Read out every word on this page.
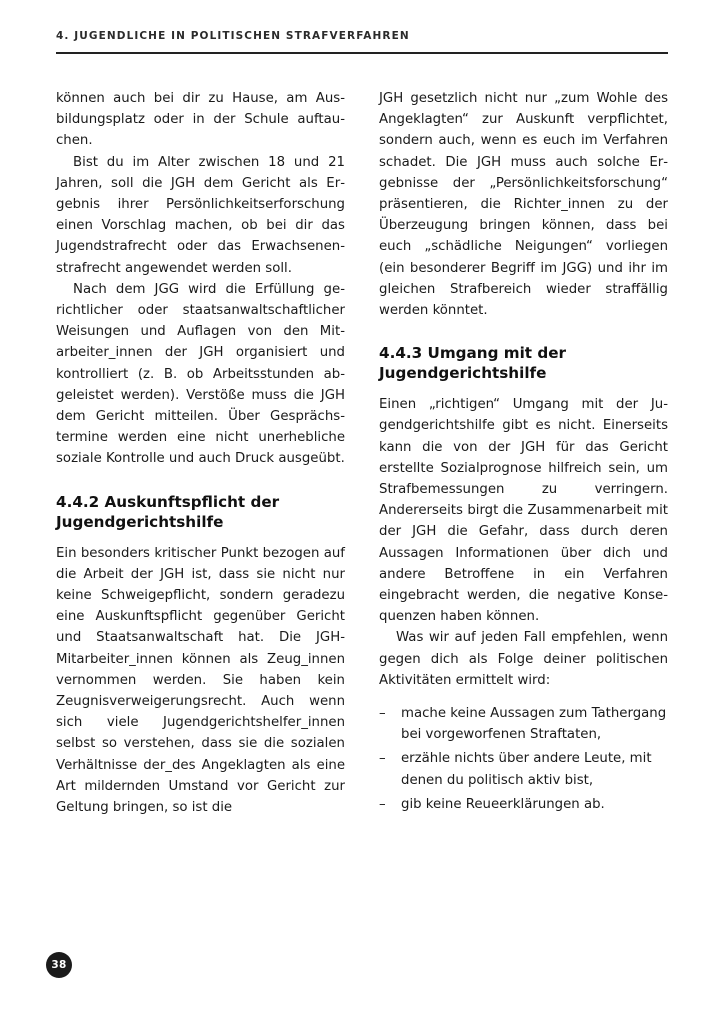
4. JUGENDLICHE IN POLITISCHEN STRAFVERFAHREN

können auch bei dir zu Hause, am Ausbildungsplatz oder in der Schule auftauchen.

Bist du im Alter zwischen 18 und 21 Jahren, soll die JGH dem Gericht als Ergebnis ihrer Persönlichkeitserforschung einen Vorschlag machen, ob bei dir das Jugendstrafrecht oder das Erwachsenenstrafrecht angewendet werden soll.

Nach dem JGG wird die Erfüllung gerichtlicher oder staatsanwaltschaftlicher Weisungen und Auflagen von den Mitarbeiter_innen der JGH organisiert und kontrolliert (z. B. ob Arbeitsstunden abgeleistet werden). Verstöße muss die JGH dem Gericht mitteilen. Über Gesprächstermine werden eine nicht unerhebliche soziale Kontrolle und auch Druck ausgeübt.

4.4.2 Auskunftspflicht der Jugendgerichtshilfe

Ein besonders kritischer Punkt bezogen auf die Arbeit der JGH ist, dass sie nicht nur keine Schweigepflicht, sondern geradezu eine Auskunftspflicht gegenüber Gericht und Staatsanwaltschaft hat. Die JGH-Mitarbeiter_innen können als Zeug_innen vernommen werden. Sie haben kein Zeugnisverweigerungsrecht. Auch wenn sich viele Jugendgerichtshelfer_innen selbst so verstehen, dass sie die sozialen Verhältnisse der_des Angeklagten als eine Art mildernden Umstand vor Gericht zur Geltung bringen, so ist die

JGH gesetzlich nicht nur „zum Wohle des Angeklagten“ zur Auskunft verpflichtet, sondern auch, wenn es euch im Verfahren schadet. Die JGH muss auch solche Ergebnisse der „Persönlichkeitsforschung“ präsentieren, die Richter_innen zu der Überzeugung bringen können, dass bei euch „schädliche Neigungen“ vorliegen (ein besonderer Begriff im JGG) und ihr im gleichen Strafbereich wieder straffällig werden könntet.

4.4.3 Umgang mit der Jugendgerichtshilfe

Einen „richtigen“ Umgang mit der Jugendgerichtshilfe gibt es nicht. Einerseits kann die von der JGH für das Gericht erstellte Sozialprognose hilfreich sein, um Strafbemessungen zu verringern. Andererseits birgt die Zusammenarbeit mit der JGH die Gefahr, dass durch deren Aussagen Informationen über dich und andere Betroffene in ein Verfahren eingebracht werden, die negative Konsequenzen haben können.

Was wir auf jeden Fall empfehlen, wenn gegen dich als Folge deiner politischen Aktivitäten ermittelt wird:

– mache keine Aussagen zum Tathergang bei vorgeworfenen Straftaten,
– erzähle nichts über andere Leute, mit denen du politisch aktiv bist,
– gib keine Reueerklärungen ab.
38
